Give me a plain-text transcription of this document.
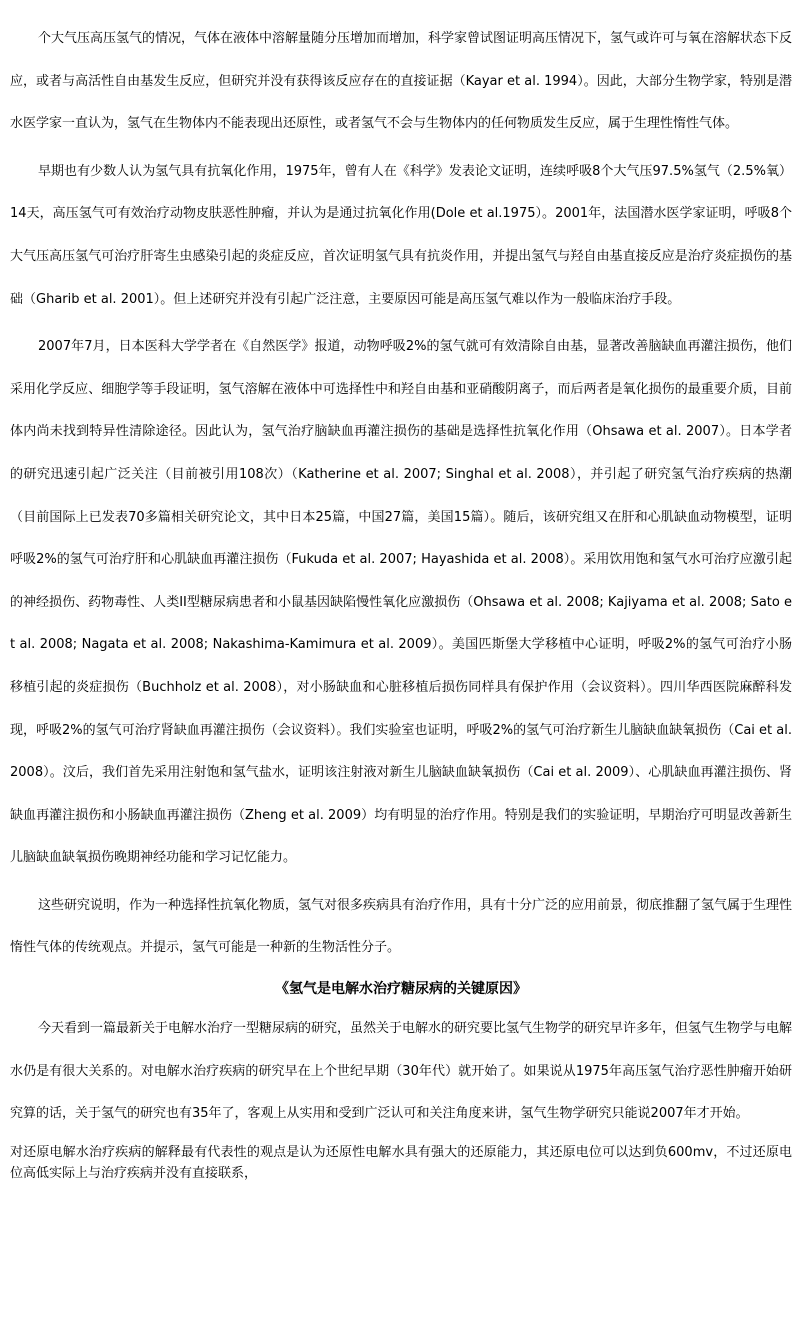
个大气压高压氢气的情况，气体在液体中溶解量随分压增加而增加，科学家曾试图证明高压情况下，氢气或许可与氧在溶解状态下反应，或者与高活性自由基发生反应，但研究并没有获得该反应存在的直接证据（Kayar et al. 1994）。因此，大部分生物学家，特别是潜水医学家一直认为，氢气在生物体内不能表现出还原性，或者氢气不会与生物体内的任何物质发生反应，属于生理性惰性气体。

早期也有少数人认为氢气具有抗氧化作用，1975年，曾有人在《科学》发表论文证明，连续呼吸8个大气压97.5%氢气（2.5%氧）14天，高压氢气可有效治疗动物皮肤恶性肿瘤，并认为是通过抗氧化作用(Dole et al.1975）。2001年，法国潜水医学家证明，呼吸8个大气压高压氢气可治疗肝寄生虫感染引起的炎症反应，首次证明氢气具有抗炎作用，并提出氢气与羟自由基直接反应是治疗炎症损伤的基础（Gharib et al. 2001）。但上述研究并没有引起广泛注意，主要原因可能是高压氢气难以作为一般临床治疗手段。

2007年7月，日本医科大学学者在《自然医学》报道，动物呼吸2%的氢气就可有效清除自由基，显著改善脑缺血再灌注损伤，他们采用化学反应、细胞学等手段证明，氢气溶解在液体中可选择性中和羟自由基和亚硝酸阴离子，而后两者是氧化损伤的最重要介质，目前体内尚未找到特异性清除途径。因此认为，氢气治疗脑缺血再灌注损伤的基础是选择性抗氧化作用（Ohsawa et al. 2007）。日本学者的研究迅速引起广泛关注（目前被引用108次）（Katherine et al. 2007; Singhal et al. 2008），并引起了研究氢气治疗疾病的热潮（目前国际上已发表70多篇相关研究论文，其中日本25篇，中国27篇，美国15篇）。随后，该研究组又在肝和心肌缺血动物模型，证明呼吸2%的氢气可治疗肝和心肌缺血再灌注损伤（Fukuda et al. 2007; Hayashida et al. 2008）。采用饮用饱和氢气水可治疗应激引起的神经损伤、药物毒性、人类II型糖尿病患者和小鼠基因缺陷慢性氧化应激损伤（Ohsawa et al. 2008; Kajiyama et al. 2008; Sato et al. 2008; Nagata et al. 2008; Nakashima-Kamimura et al. 2009）。美国匹斯堡大学移植中心证明，呼吸2%的氢气可治疗小肠移植引起的炎症损伤（Buchholz et al. 2008），对小肠缺血和心脏移植后损伤同样具有保护作用（会议资料）。四川华西医院麻醉科发现，呼吸2%的氢气可治疗肾缺血再灌注损伤（会议资料）。我们实验室也证明，呼吸2%的氢气可治疗新生儿脑缺血缺氧损伤（Cai et al. 2008）。汶后，我们首先采用注射饱和氢气盐水，证明该注射液对新生儿脑缺血缺氧损伤（Cai et al. 2009）、心肌缺血再灌注损伤、肾缺血再灌注损伤和小肠缺血再灌注损伤（Zheng et al. 2009）均有明显的治疗作用。特别是我们的实验证明，早期治疗可明显改善新生儿脑缺血缺氧损伤晚期神经功能和学习记忆能力。

这些研究说明，作为一种选择性抗氧化物质，氢气对很多疾病具有治疗作用，具有十分广泛的应用前景，彻底推翻了氢气属于生理性惰性气体的传统观点。并提示，氢气可能是一种新的生物活性分子。

《氢气是电解水治疗糖尿病的关键原因》

今天看到一篇最新关于电解水治疗一型糖尿病的研究，虽然关于电解水的研究要比氢气生物学的研究早许多年，但氢气生物学与电解水仍是有很大关系的。对电解水治疗疾病的研究早在上个世纪早期（30年代）就开始了。如果说从1975年高压氢气治疗恶性肿瘤开始研究算的话，关于氢气的研究也有35年了，客观上从实用和受到广泛认可和关注角度来讲，氢气生物学研究只能说2007年才开始。

对还原电解水治疗疾病的解释最有代表性的观点是认为还原性电解水具有强大的还原能力，其还原电位可以达到负600mv，不过还原电位高低实际上与治疗疾病并没有直接联系，
